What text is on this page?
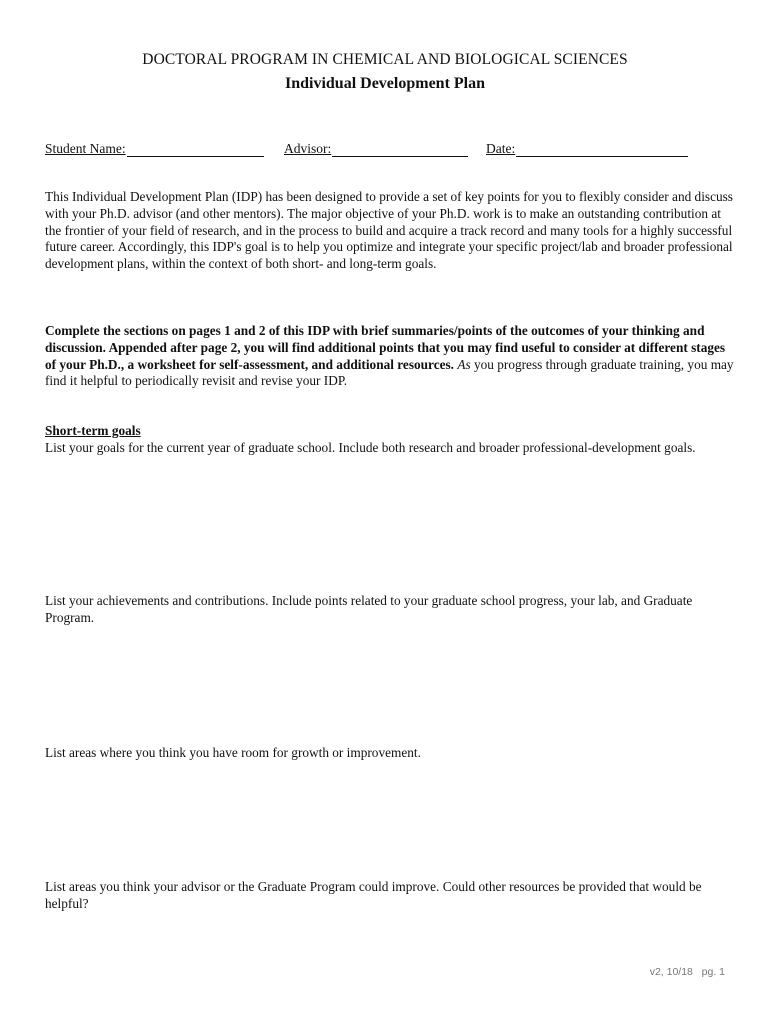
DOCTORAL PROGRAM IN CHEMICAL AND BIOLOGICAL SCIENCES
Individual Development Plan
Student Name:	Advisor:	Date:

This Individual Development Plan (IDP) has been designed to provide a set of key points for you to flexibly consider and discuss with your Ph.D. advisor (and other mentors). The major objective of your Ph.D. work is to make an outstanding contribution at the frontier of your field of research, and in the process to build and acquire a track record and many tools for a highly successful future career. Accordingly, this IDP's goal is to help you optimize and integrate your specific project/lab and broader professional development plans, within the context of both short- and long-term goals.

Complete the sections on pages 1 and 2 of this IDP with brief summaries/points of the outcomes of your thinking and discussion. Appended after page 2, you will find additional points that you may find useful to consider at different stages of your Ph.D., a worksheet for self-assessment, and additional resources. As you progress through graduate training, you may find it helpful to periodically revisit and revise your IDP.

Short-term goals

List your goals for the current year of graduate school. Include both research and broader professional-development goals.

List your achievements and contributions. Include points related to your graduate school progress, your lab, and Graduate Program.

List areas where you think you have room for growth or improvement.

List areas you think your advisor or the Graduate Program could improve. Could other resources be provided that would be helpful?

v2, 10/18   pg. 1
